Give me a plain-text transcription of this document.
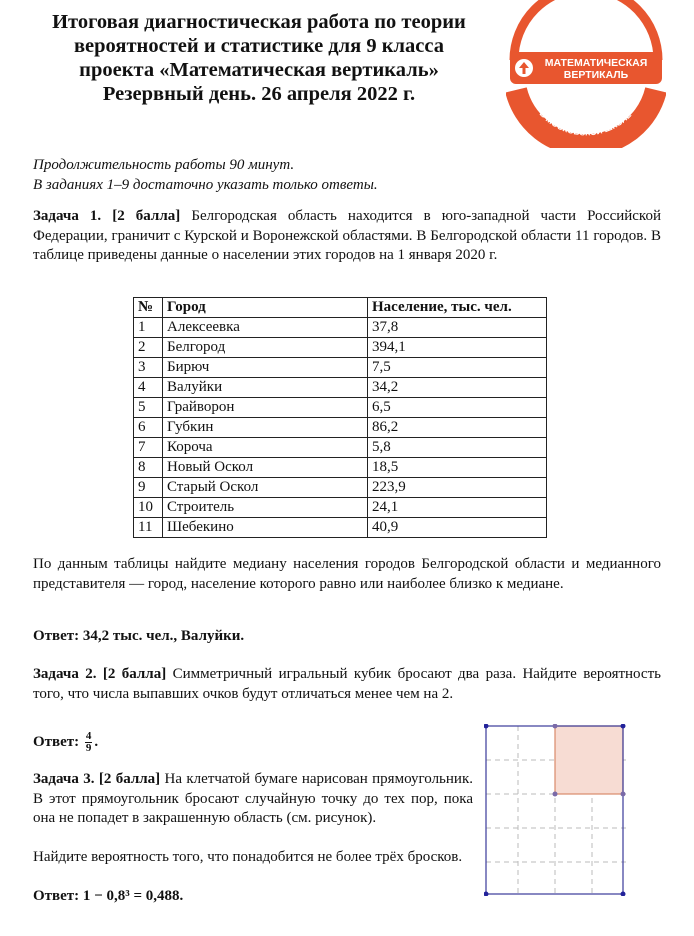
Итоговая диагностическая работа по теории
вероятностей и статистике для 9 класса
проекта «Математическая вертикаль»
Резервный день. 26 апреля 2022 г.
МАТЕМАТИЧЕСКАЯ
ВЕРТИКАЛЬ
В МОСКОВСКОЙ ШКОЛЕ
Продолжительность работы 90 минут.
В заданиях 1–9 достаточно указать только ответы.
Задача 1. [2 балла] Белгородская область находится в юго-западной части Российской Федерации, граничит с Курской и Воронежской областями. В Белгородской области 11 городов. В таблице приведены данные о населении этих городов на 1 января 2020 г.
№	Город	Население, тыс. чел.
1	Алексеевка	37,8
2	Белгород	394,1
3	Бирюч	7,5
4	Валуйки	34,2
5	Грайворон	6,5
6	Губкин	86,2
7	Короча	5,8
8	Новый Оскол	18,5
9	Старый Оскол	223,9
10	Строитель	24,1
11	Шебекино	40,9
По данным таблицы найдите медиану населения городов Белгородской области и медианного представителя — город, население которого равно или наиболее близко к медиане.
Ответ: 34,2 тыс. чел., Валуйки.
Задача 2. [2 балла] Симметричный игральный кубик бросают два раза. Найдите вероятность того, что числа выпавших очков будут отличаться менее чем на 2.
Ответ: $\frac{4}{9}$ .
Задача 3. [2 балла] На клетчатой бумаге нарисован прямоугольник. В этот прямоугольник бросают случайную точку до тех пор, пока она не попадет в закрашенную область (см. рисунок).
Найдите вероятность того, что понадобится не более трёх бросков.
Ответ: 1 − 0,8³ = 0,488.
